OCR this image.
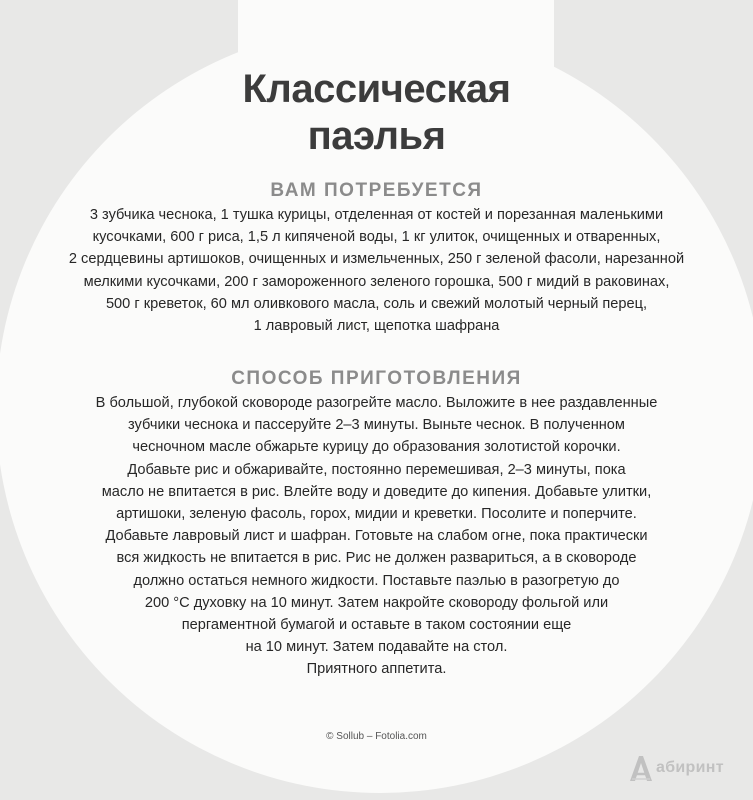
Классическая
паэлья
ВАМ ПОТРЕБУЕТСЯ
3 зубчика чеснока, 1 тушка курицы, отделенная от костей и порезанная маленькими
кусочками, 600 г риса, 1,5 л кипяченой воды, 1 кг улиток, очищенных и отваренных,
2 сердцевины артишоков, очищенных и измельченных, 250 г зеленой фасоли, нарезанной
мелкими кусочками, 200 г замороженного зеленого горошка, 500 г мидий в раковинах,
500 г креветок, 60 мл оливкового масла, соль и свежий молотый черный перец,
1 лавровый лист, щепотка шафрана
СПОСОБ ПРИГОТОВЛЕНИЯ
В большой, глубокой сковороде разогрейте масло. Выложите в нее раздавленные
зубчики чеснока и пассеруйте 2–3 минуты. Выньте чеснок. В полученном
чесночном масле обжарьте курицу до образования золотистой корочки.
Добавьте рис и обжаривайте, постоянно перемешивая, 2–3 минуты, пока
масло не впитается в рис. Влейте воду и доведите до кипения. Добавьте улитки,
артишоки, зеленую фасоль, горох, мидии и креветки. Посолите и поперчите.
Добавьте лавровый лист и шафран. Готовьте на слабом огне, пока практически
вся жидкость не впитается в рис. Рис не должен развариться, а в сковороде
должно остаться немного жидкости. Поставьте паэлью в разогретую до
200 °С духовку на 10 минут. Затем накройте сковороду фольгой или
пергаментной бумагой и оставьте в таком состоянии еще
на 10 минут. Затем подавайте на стол.
Приятного аппетита.
© Sollub – Fotolia.com
абиринт
